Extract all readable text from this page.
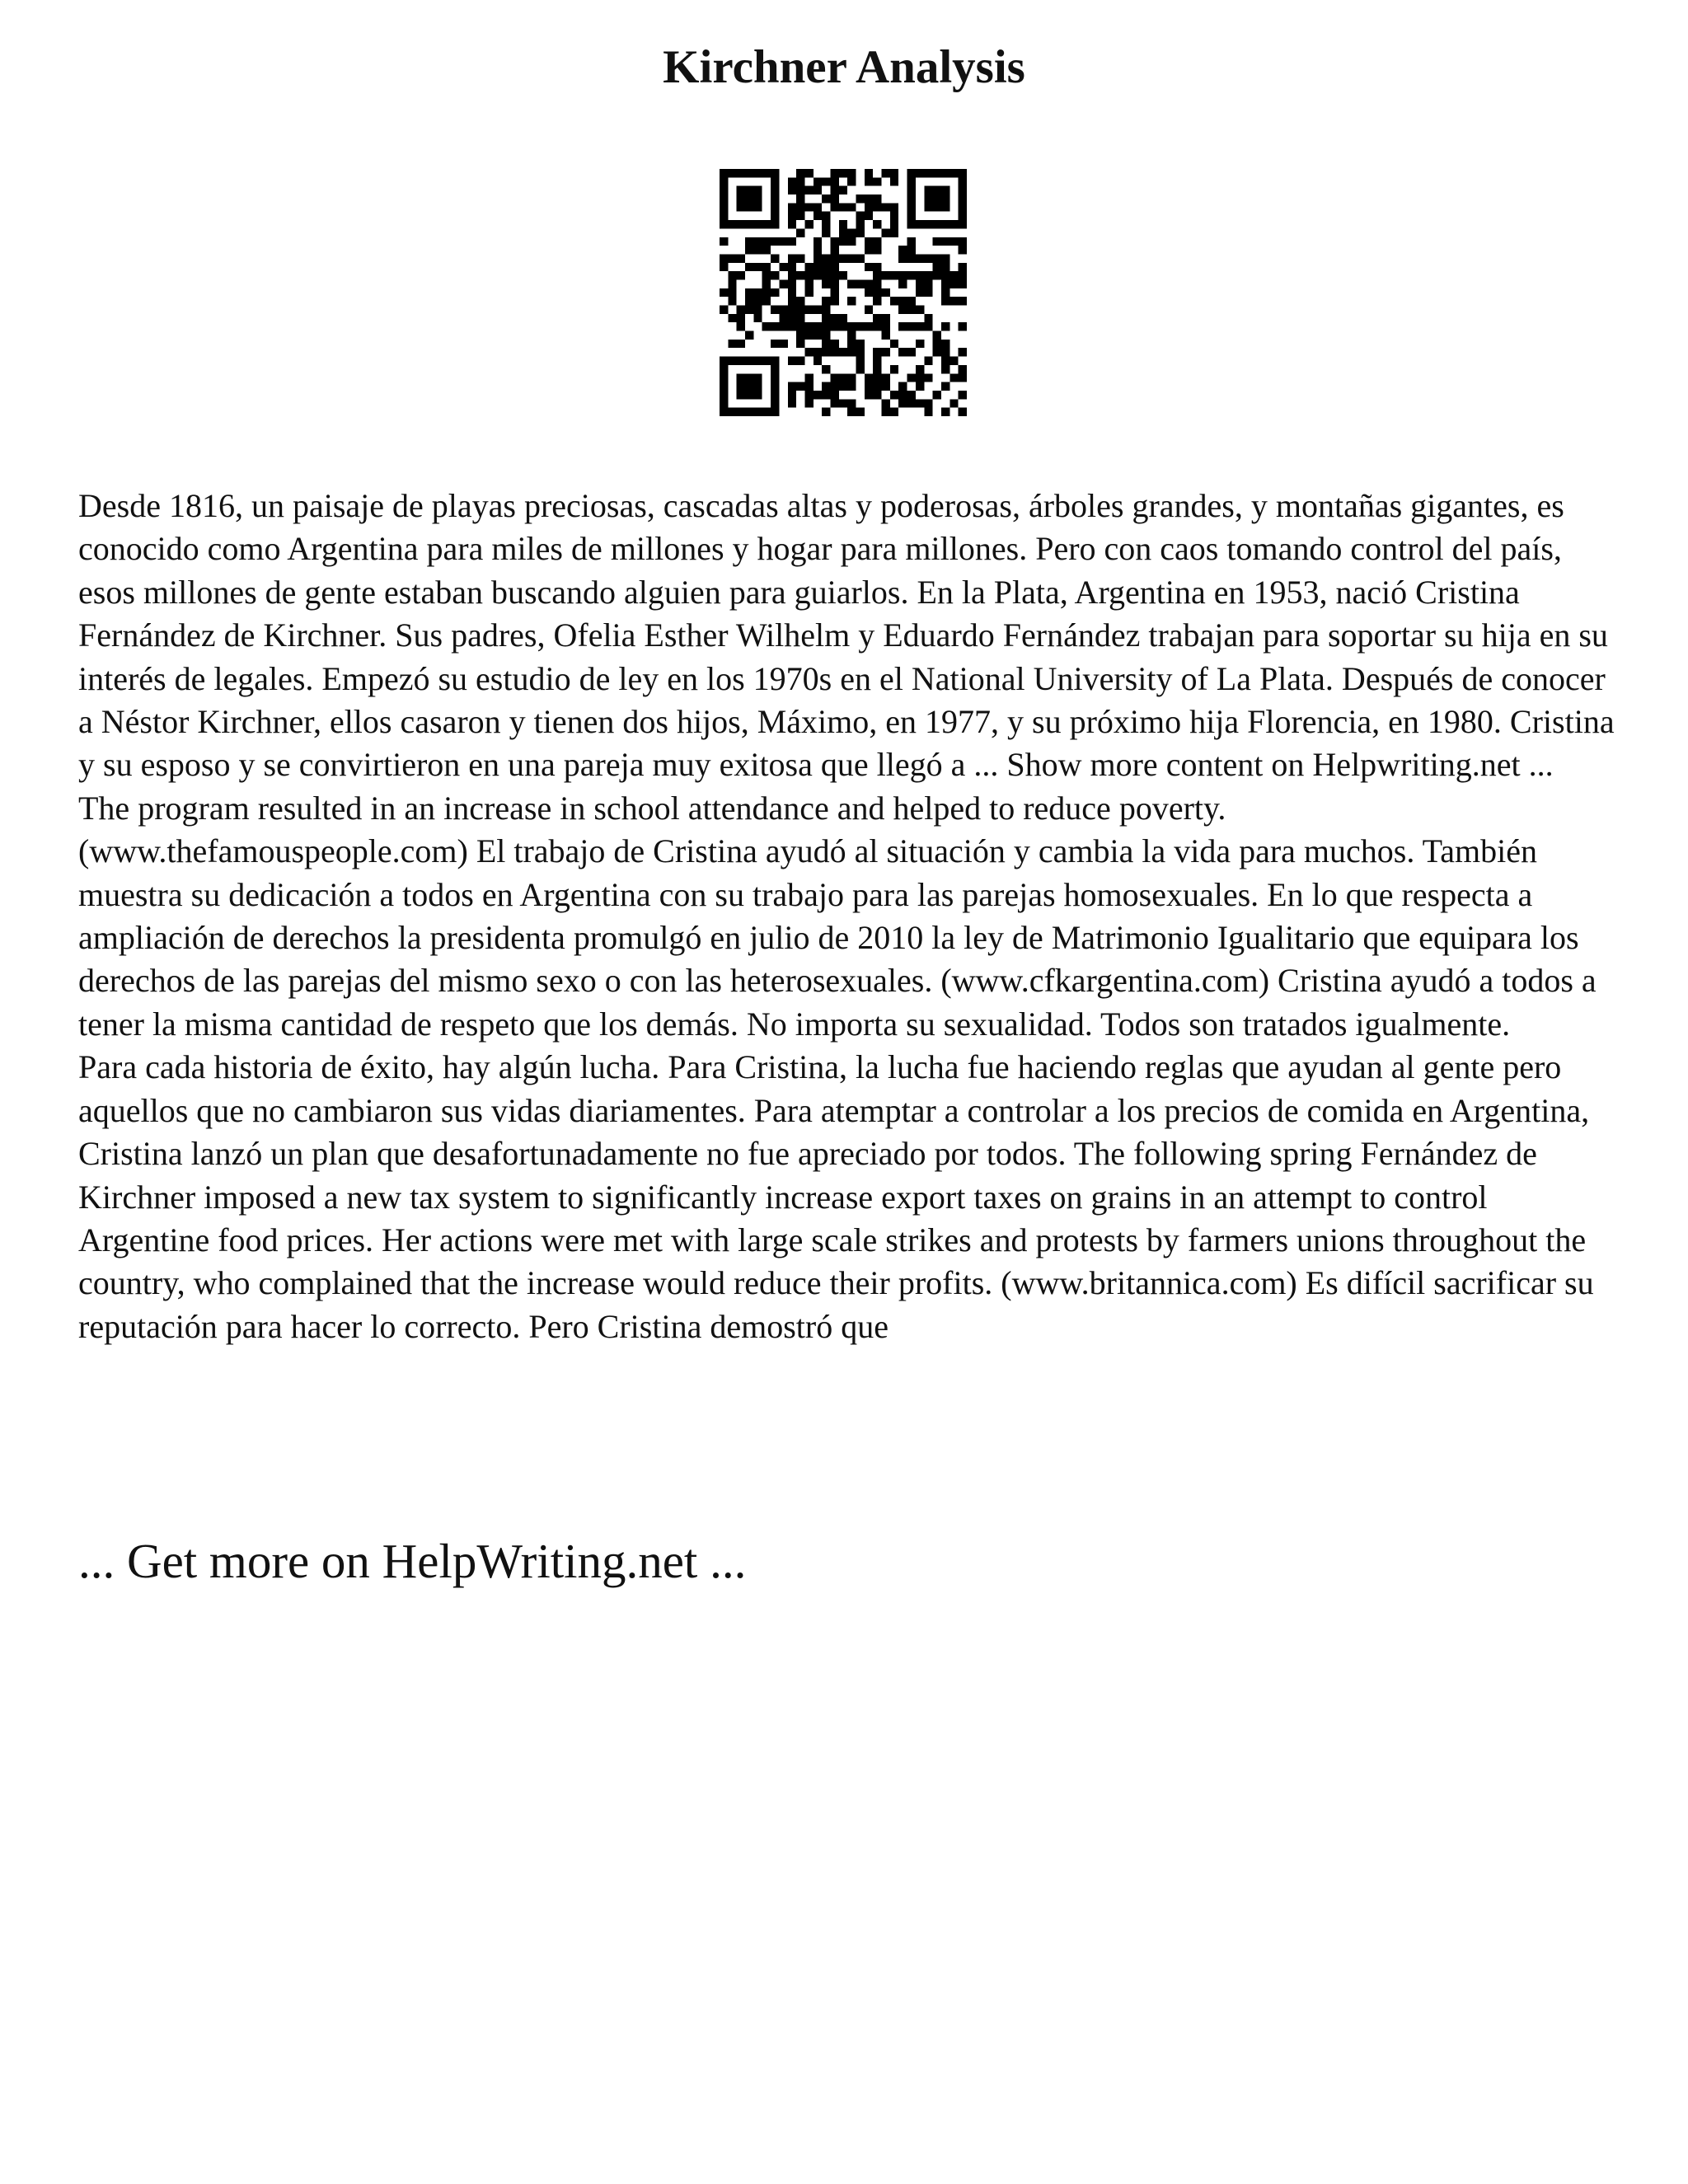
Kirchner Analysis

Desde 1816, un paisaje de playas preciosas, cascadas altas y poderosas, árboles grandes, y montañas gigantes, es conocido como Argentina para miles de millones y hogar para millones. Pero con caos tomando control del país, esos millones de gente estaban buscando alguien para guiarlos. En la Plata, Argentina en 1953, nació Cristina Fernández de Kirchner. Sus padres, Ofelia Esther Wilhelm y Eduardo Fernández trabajan para soportar su hija en su interés de legales. Empezó su estudio de ley en los 1970s en el National University of La Plata. Después de conocer a Néstor Kirchner, ellos casaron y tienen dos hijos, Máximo, en 1977, y su próximo hija Florencia, en 1980. Cristina y su esposo y se convirtieron en una pareja muy exitosa que llegó a ... Show more content on Helpwriting.net ...

The program resulted in an increase in school attendance and helped to reduce poverty. (www.thefamouspeople.com) El trabajo de Cristina ayudó al situación y cambia la vida para muchos. También muestra su dedicación a todos en Argentina con su trabajo para las parejas homosexuales. En lo que respecta a ampliación de derechos la presidenta promulgó en julio de 2010 la ley de Matrimonio Igualitario que equipara los derechos de las parejas del mismo sexo o con las heterosexuales. (www.cfkargentina.com) Cristina ayudó a todos a tener la misma cantidad de respeto que los demás. No importa su sexualidad. Todos son tratados igualmente.

Para cada historia de éxito, hay algún lucha. Para Cristina, la lucha fue haciendo reglas que ayudan al gente pero aquellos que no cambiaron sus vidas diariamentes. Para atemptar a controlar a los precios de comida en Argentina, Cristina lanzó un plan que desafortunadamente no fue apreciado por todos. The following spring Fernández de Kirchner imposed a new tax system to significantly increase export taxes on grains in an attempt to control Argentine food prices. Her actions were met with large scale strikes and protests by farmers unions throughout the country, who complained that the increase would reduce their profits. (www.britannica.com) Es difícil sacrificar su reputación para hacer lo correcto. Pero Cristina demostró que

... Get more on HelpWriting.net ...
